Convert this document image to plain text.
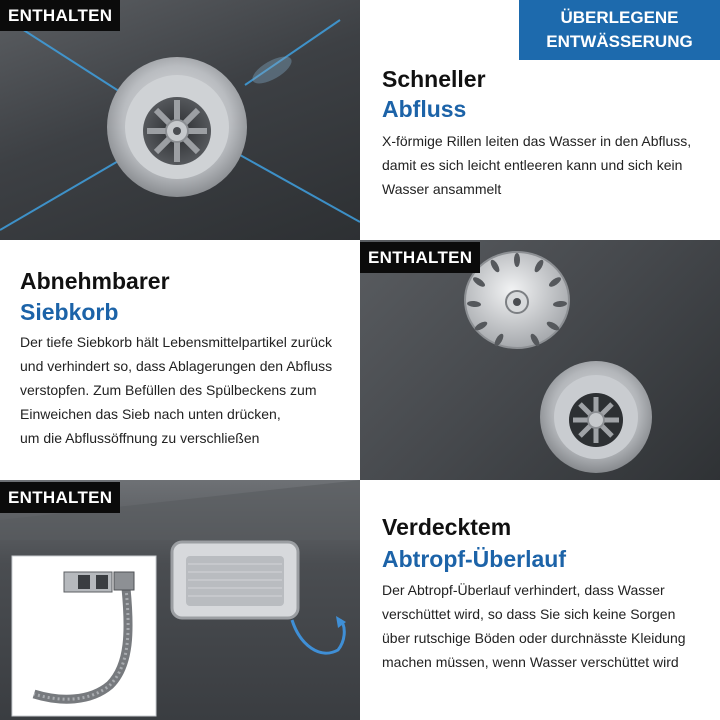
ENTHALTEN	ÜBERLEGENE
ENTWÄSSERUNG
Schneller
Abfluss
X-förmige Rillen leiten das Wasser in den Abfluss,
damit es sich leicht entleeren kann und sich kein
Wasser ansammelt
Abnehmbarer
Siebkorb
Der tiefe Siebkorb hält Lebensmittelpartikel zurück
und verhindert so, dass Ablagerungen den Abfluss
verstopfen. Zum Befüllen des Spülbeckens zum
Einweichen das Sieb nach unten drücken,
um die Abflussöffnung zu verschließen
ENTHALTEN
ENTHALTEN
Verdecktem
Abtropf-Überlauf
Der Abtropf-Überlauf verhindert, dass Wasser
verschüttet wird, so dass Sie sich keine Sorgen
über rutschige Böden oder durchnässte Kleidung
machen müssen, wenn Wasser verschüttet wird
